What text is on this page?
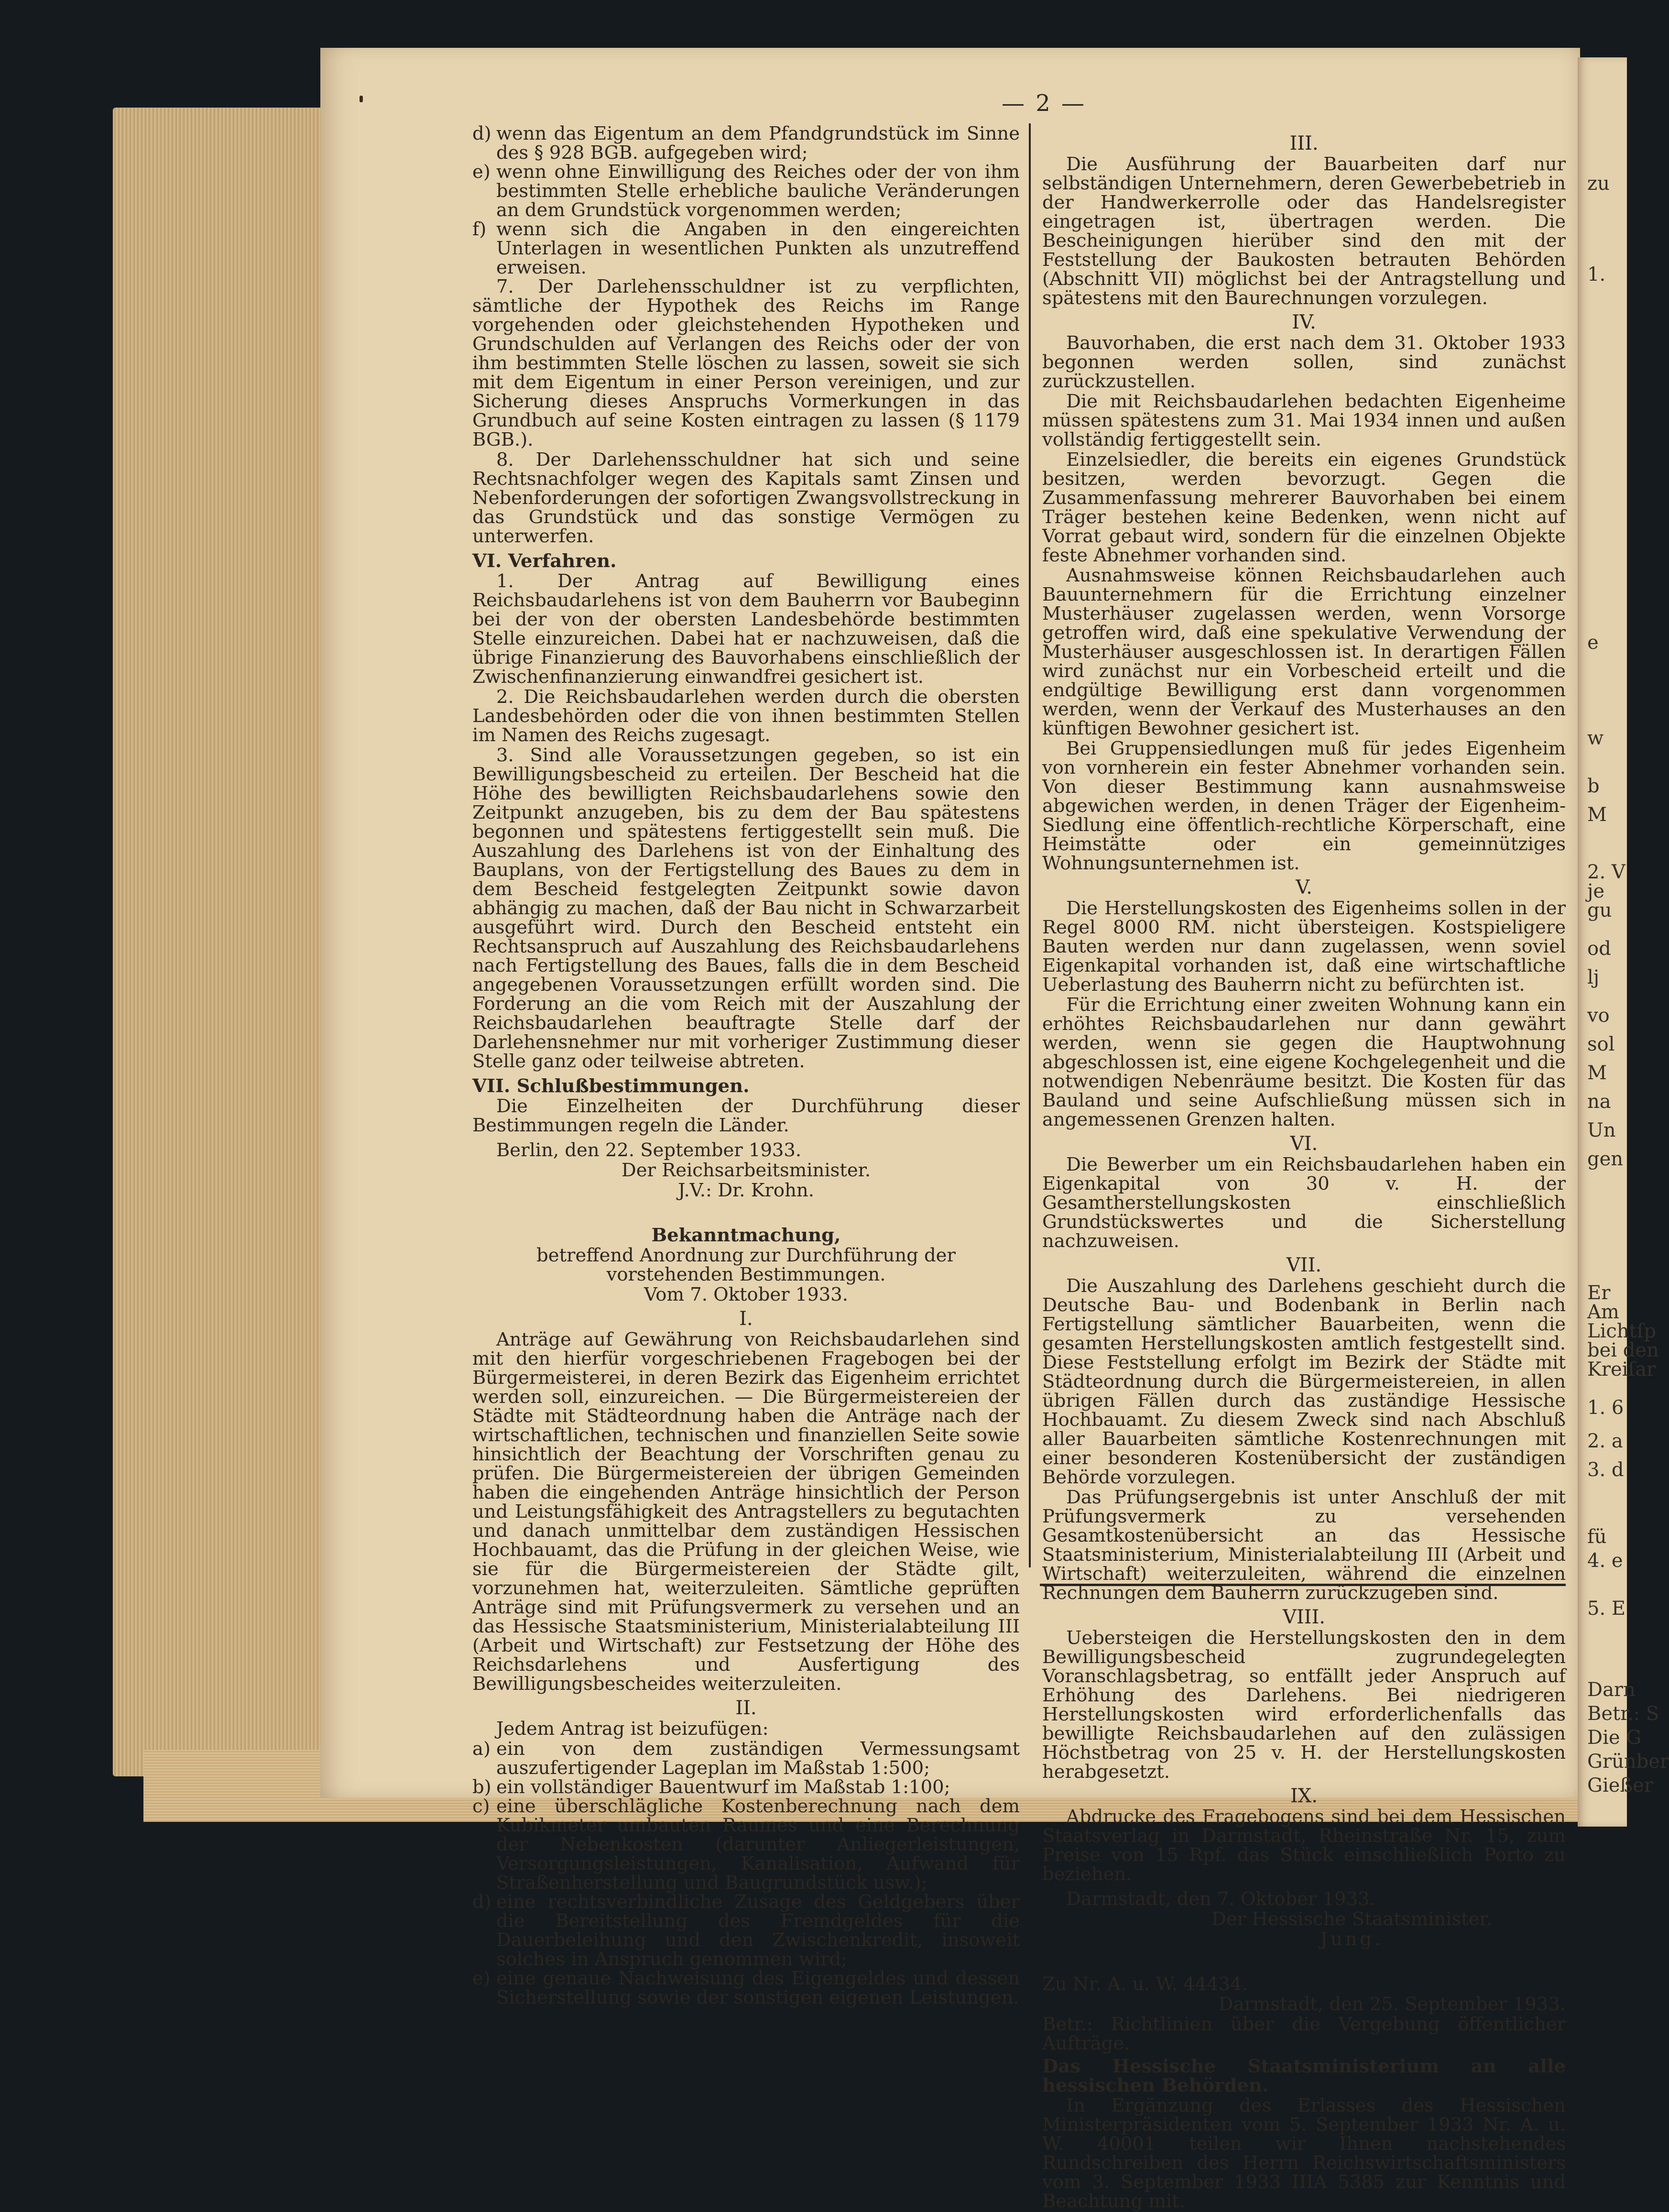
zu
1.
e
w
b
M
2. V
je
gu
od
lj
vo
sol
M
na
Un
gen
Er
Am
Lichtſp
bei den
Kreiſar
1. 6
2. a
3. d
fü
4. e
5. E
Darn
Betr.: S
Die G
Grünber
Gießer
— 2 —
d) wenn das Eigentum an dem Pfandgrundstück im Sinne des § 928 BGB. aufgegeben wird;
e) wenn ohne Einwilligung des Reiches oder der von ihm bestimmten Stelle erhebliche bauliche Veränderungen an dem Grundstück vorgenommen werden;
f) wenn sich die Angaben in den eingereichten Unterlagen in wesentlichen Punkten als unzutreffend erweisen.

7. Der Darlehensschuldner ist zu verpflichten, sämtliche der Hypothek des Reichs im Range vorgehenden oder gleichstehenden Hypotheken und Grundschulden auf Verlangen des Reichs oder der von ihm bestimmten Stelle löschen zu lassen, soweit sie sich mit dem Eigentum in einer Person vereinigen, und zur Sicherung dieses Anspruchs Vormerkungen in das Grundbuch auf seine Kosten eintragen zu lassen (§ 1179 BGB.).

8. Der Darlehensschuldner hat sich und seine Rechtsnachfolger wegen des Kapitals samt Zinsen und Nebenforderungen der sofortigen Zwangsvollstreckung in das Grundstück und das sonstige Vermögen zu unterwerfen.

VI. Verfahren.

1. Der Antrag auf Bewilligung eines Reichsbaudarlehens ist von dem Bauherrn vor Baubeginn bei der von der obersten Landesbehörde bestimmten Stelle einzureichen. Dabei hat er nachzuweisen, daß die übrige Finanzierung des Bauvorhabens einschließlich der Zwischenfinanzierung einwandfrei gesichert ist.

2. Die Reichsbaudarlehen werden durch die obersten Landesbehörden oder die von ihnen bestimmten Stellen im Namen des Reichs zugesagt.

3. Sind alle Voraussetzungen gegeben, so ist ein Bewilligungsbescheid zu erteilen. Der Bescheid hat die Höhe des bewilligten Reichsbaudarlehens sowie den Zeitpunkt anzugeben, bis zu dem der Bau spätestens begonnen und spätestens fertiggestellt sein muß. Die Auszahlung des Darlehens ist von der Einhaltung des Bauplans, von der Fertigstellung des Baues zu dem in dem Bescheid festgelegten Zeitpunkt sowie davon abhängig zu machen, daß der Bau nicht in Schwarzarbeit ausgeführt wird. Durch den Bescheid entsteht ein Rechtsanspruch auf Auszahlung des Reichsbaudarlehens nach Fertigstellung des Baues, falls die in dem Bescheid angegebenen Voraussetzungen erfüllt worden sind. Die Forderung an die vom Reich mit der Auszahlung der Reichsbaudarlehen beauftragte Stelle darf der Darlehensnehmer nur mit vorheriger Zustimmung dieser Stelle ganz oder teilweise abtreten.

VII. Schlußbestimmungen.

Die Einzelheiten der Durchführung dieser Bestimmungen regeln die Länder.

Berlin, den 22. September 1933.

Der Reichsarbeitsminister.

J.V.: Dr. Krohn.

Bekanntmachung,

betreffend Anordnung zur Durchführung der vorstehenden Bestimmungen.

Vom 7. Oktober 1933.

I.

Anträge auf Gewährung von Reichsbaudarlehen sind mit den hierfür vorgeschriebenen Fragebogen bei der Bürgermeisterei, in deren Bezirk das Eigenheim errichtet werden soll, einzureichen. — Die Bürgermeistereien der Städte mit Städteordnung haben die Anträge nach der wirtschaftlichen, technischen und finanziellen Seite sowie hinsichtlich der Beachtung der Vorschriften genau zu prüfen. Die Bürgermeistereien der übrigen Gemeinden haben die eingehenden Anträge hinsichtlich der Person und Leistungsfähigkeit des Antragstellers zu begutachten und danach unmittelbar dem zuständigen Hessischen Hochbauamt, das die Prüfung in der gleichen Weise, wie sie für die Bürgermeistereien der Städte gilt, vorzunehmen hat, weiterzuleiten. Sämtliche geprüften Anträge sind mit Prüfungsvermerk zu versehen und an das Hessische Staatsministerium, Ministerialabteilung III (Arbeit und Wirtschaft) zur Festsetzung der Höhe des Reichsdarlehens und Ausfertigung des Bewilligungsbescheides weiterzuleiten.

II.

Jedem Antrag ist beizufügen:

a) ein von dem zuständigen Vermessungsamt auszufertigender Lageplan im Maßstab 1:500;
b) ein vollständiger Bauentwurf im Maßstab 1:100;
c) eine überschlägliche Kostenberechnung nach dem Kubikmeter umbauten Raumes und eine Berechnung der Nebenkosten (darunter Anliegerleistungen, Versorgungsleistungen, Kanalisation, Aufwand für Straßenherstellung und Baugrundstück usw.);
d) eine rechtsverbindliche Zusage des Geldgebers über die Bereitstellung des Fremdgeldes für die Dauerbeleihung und den Zwischenkredit, insoweit solches in Anspruch genommen wird;
e) eine genaue Nachweisung des Eigengeldes und dessen Sicherstellung sowie der sonstigen eigenen Leistungen.

III.

Die Ausführung der Bauarbeiten darf nur selbständigen Unternehmern, deren Gewerbebetrieb in der Handwerkerrolle oder das Handelsregister eingetragen ist, übertragen werden. Die Bescheinigungen hierüber sind den mit der Feststellung der Baukosten betrauten Behörden (Abschnitt VII) möglichst bei der Antragstellung und spätestens mit den Baurechnungen vorzulegen.

IV.

Bauvorhaben, die erst nach dem 31. Oktober 1933 begonnen werden sollen, sind zunächst zurückzustellen.

Die mit Reichsbaudarlehen bedachten Eigenheime müssen spätestens zum 31. Mai 1934 innen und außen vollständig fertiggestellt sein.

Einzelsiedler, die bereits ein eigenes Grundstück besitzen, werden bevorzugt. Gegen die Zusammenfassung mehrerer Bauvorhaben bei einem Träger bestehen keine Bedenken, wenn nicht auf Vorrat gebaut wird, sondern für die einzelnen Objekte feste Abnehmer vorhanden sind.

Ausnahmsweise können Reichsbaudarlehen auch Bauunternehmern für die Errichtung einzelner Musterhäuser zugelassen werden, wenn Vorsorge getroffen wird, daß eine spekulative Verwendung der Musterhäuser ausgeschlossen ist. In derartigen Fällen wird zunächst nur ein Vorbescheid erteilt und die endgültige Bewilligung erst dann vorgenommen werden, wenn der Verkauf des Musterhauses an den künftigen Bewohner gesichert ist.

Bei Gruppensiedlungen muß für jedes Eigenheim von vornherein ein fester Abnehmer vorhanden sein. Von dieser Bestimmung kann ausnahmsweise abgewichen werden, in denen Träger der Eigenheim-Siedlung eine öffentlich-rechtliche Körperschaft, eine Heimstätte oder ein gemeinnütziges Wohnungsunternehmen ist.

V.

Die Herstellungskosten des Eigenheims sollen in der Regel 8000 RM. nicht übersteigen. Kostspieligere Bauten werden nur dann zugelassen, wenn soviel Eigenkapital vorhanden ist, daß eine wirtschaftliche Ueberlastung des Bauherrn nicht zu befürchten ist.

Für die Errichtung einer zweiten Wohnung kann ein erhöhtes Reichsbaudarlehen nur dann gewährt werden, wenn sie gegen die Hauptwohnung abgeschlossen ist, eine eigene Kochgelegenheit und die notwendigen Nebenräume besitzt. Die Kosten für das Bauland und seine Aufschließung müssen sich in angemessenen Grenzen halten.

VI.

Die Bewerber um ein Reichsbaudarlehen haben ein Eigenkapital von 30 v. H. der Gesamtherstellungskosten einschließlich Grundstückswertes und die Sicherstellung nachzuweisen.

VII.

Die Auszahlung des Darlehens geschieht durch die Deutsche Bau- und Bodenbank in Berlin nach Fertigstellung sämtlicher Bauarbeiten, wenn die gesamten Herstellungskosten amtlich festgestellt sind. Diese Feststellung erfolgt im Bezirk der Städte mit Städteordnung durch die Bürgermeistereien, in allen übrigen Fällen durch das zuständige Hessische Hochbauamt. Zu diesem Zweck sind nach Abschluß aller Bauarbeiten sämtliche Kostenrechnungen mit einer besonderen Kostenübersicht der zuständigen Behörde vorzulegen.

Das Prüfungsergebnis ist unter Anschluß der mit Prüfungsvermerk zu versehenden Gesamtkostenübersicht an das Hessische Staatsministerium, Ministerialabteilung III (Arbeit und Wirtschaft) weiterzuleiten, während die einzelnen Rechnungen dem Bauherrn zurückzugeben sind.

VIII.

Uebersteigen die Herstellungskosten den in dem Bewilligungsbescheid zugrundegelegten Voranschlagsbetrag, so entfällt jeder Anspruch auf Erhöhung des Darlehens. Bei niedrigeren Herstellungskosten wird erforderlichenfalls das bewilligte Reichsbaudarlehen auf den zulässigen Höchstbetrag von 25 v. H. der Herstellungskosten herabgesetzt.

IX.

Abdrucke des Fragebogens sind bei dem Hessischen Staatsverlag in Darmstadt, Rheinstraße Nr. 15, zum Preise von 15 Rpf. das Stück einschließlich Porto zu beziehen.

Darmstadt, den 7. Oktober 1933.

Der Hessische Staatsminister.

Jung.

Zu Nr. A. u. W. 44434.

Darmstadt, den 25. September 1933.

Betr.: Richtlinien über die Vergebung öffentlicher Aufträge.

Das Hessische Staatsministerium an alle hessischen Behörden.

In Ergänzung des Erlasses des Hessischen Ministerpräsidenten vom 5. September 1933 Nr. A. u. W. 40001 teilen wir Ihnen nachstehendes Rundschreiben des Herrn Reichswirtschaftsministers vom 3. September 1933 IIIA 5385 zur Kenntnis und Beachtung mit.
